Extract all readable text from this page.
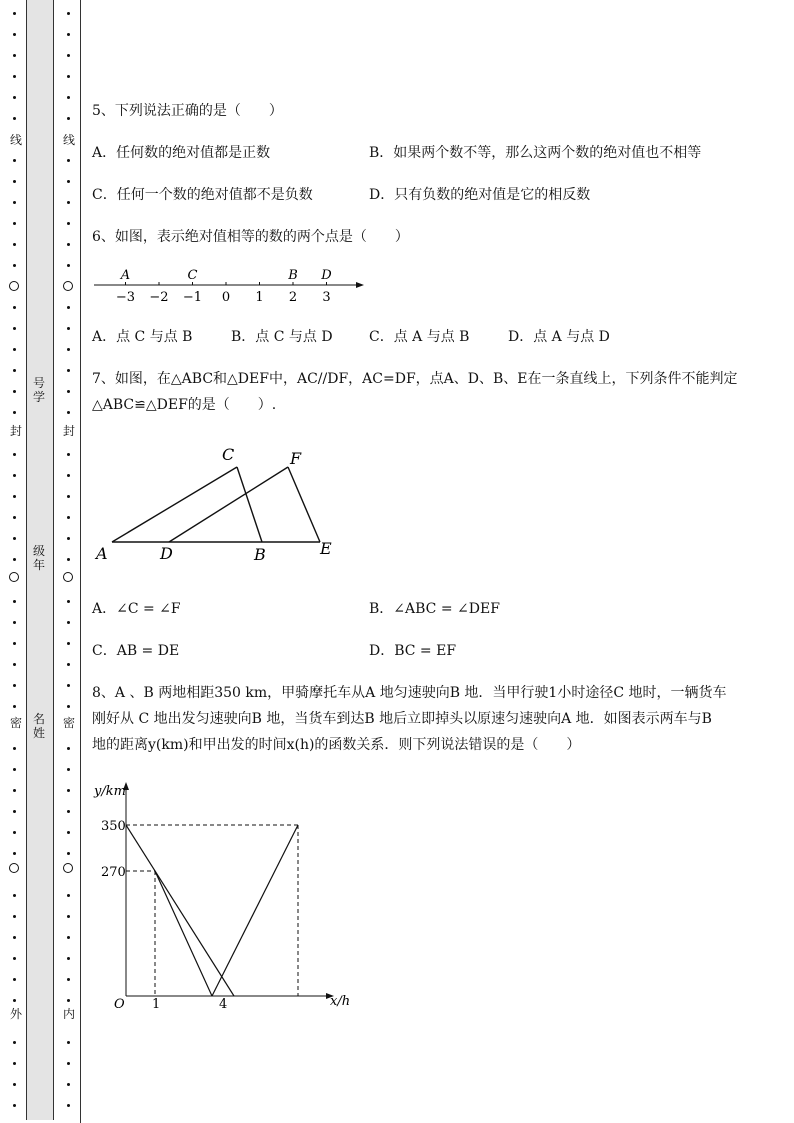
线
封
密
外
线
封
密
内
号学
级年
名姓
5、下列说法正确的是（　　）
A．任何数的绝对值都是正数	B．如果两个数不等，那么这两个数的绝对值也不相等
C．任何一个数的绝对值都不是负数	D．只有负数的绝对值是它的相反数
6、如图，表示绝对值相等的数的两个点是（　　）
−3 −2 −1 0 1 2 3
A	C	B D
A．点 C 与点 B	B．点 C 与点 D	C．点 A 与点 B	D．点 A 与点 D
7、如图，在△ABC和△DEF中，AC//DF，AC=DF，点A、D、B、E在一条直线上，下列条件不能判定
△ABC≌△DEF的是（　　）.
A	D	B	E
C	F
A．∠C = ∠F	B．∠ABC = ∠DEF
C．AB = DE	D．BC = EF
8、A 、B 两地相距350 km，甲骑摩托车从A 地匀速驶向B 地．当甲行驶1小时途径C 地时，一辆货车
刚好从 C 地出发匀速驶向B 地，当货车到达B 地后立即掉头以原速匀速驶向A 地．如图表示两车与B
地的距离y(km)和甲出发的时间x(h)的函数关系．则下列说法错误的是（　　）
y/km
x/h
O
350
270
1	4
